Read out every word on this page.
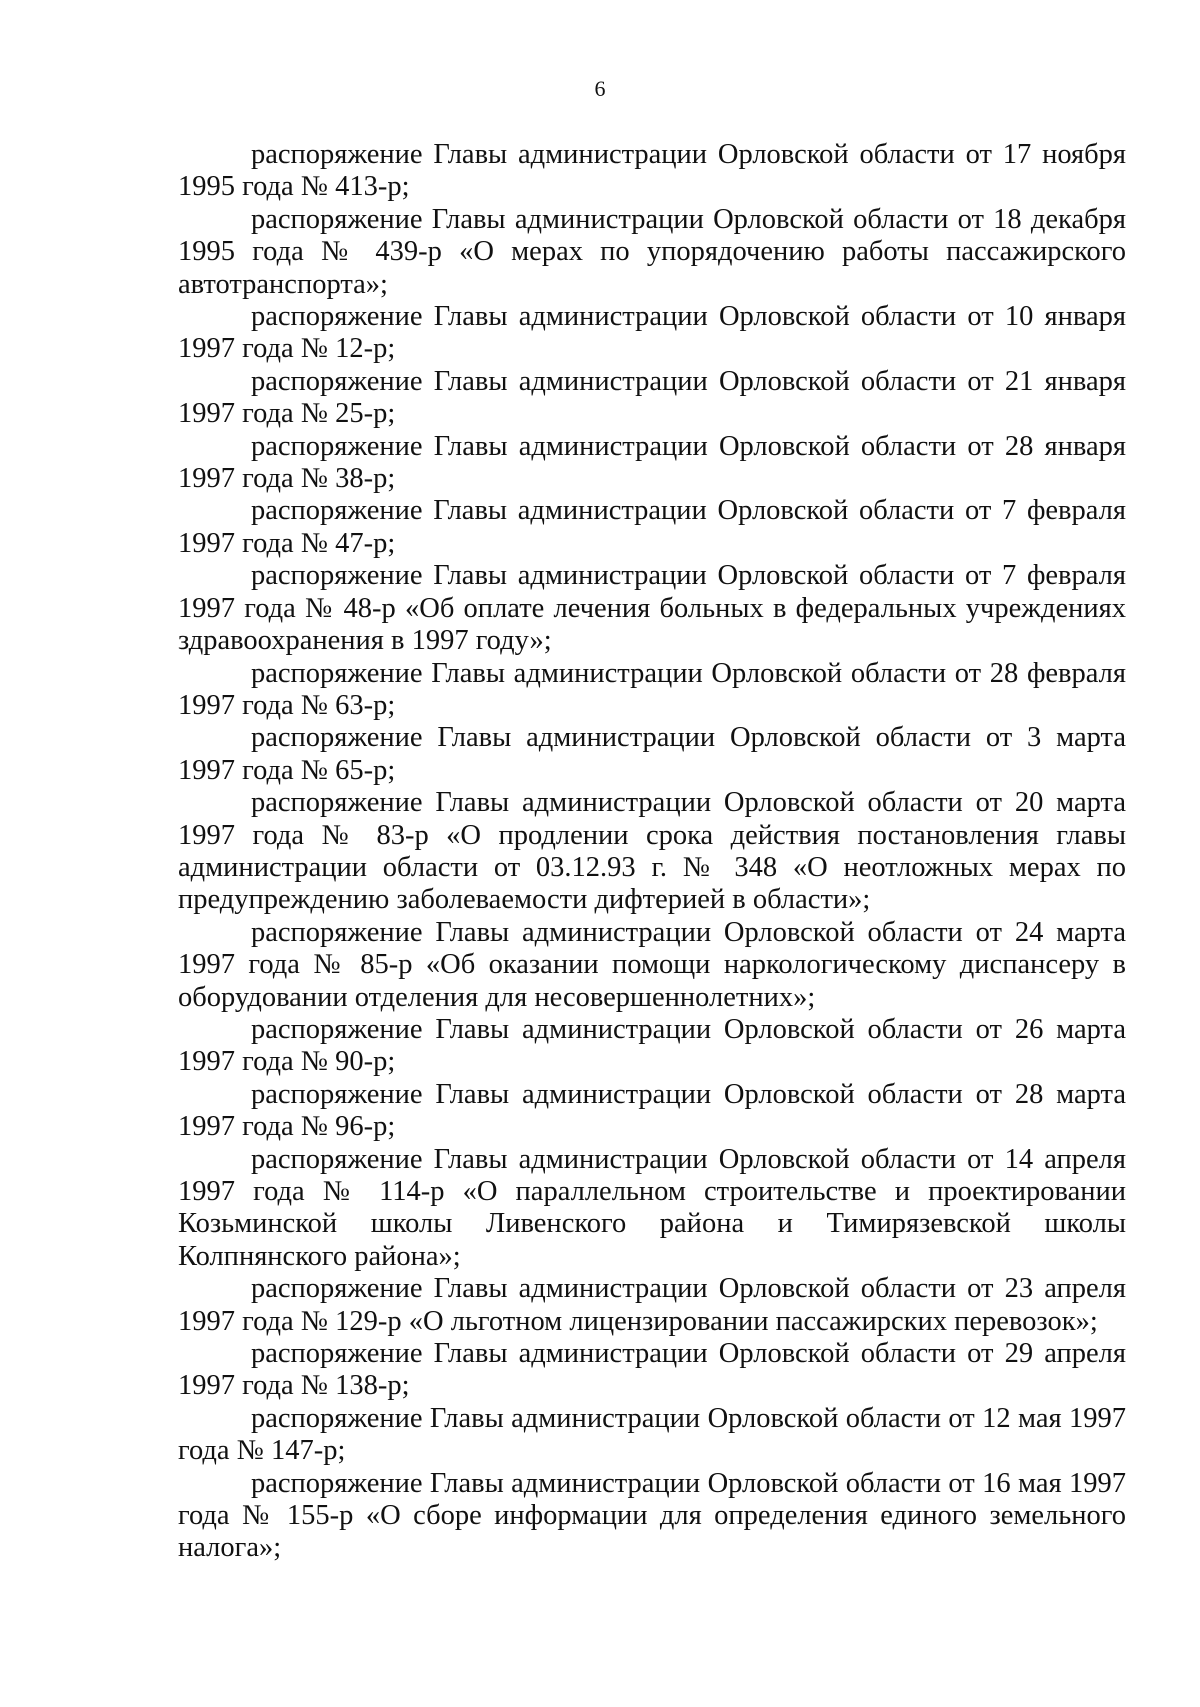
6

распоряжение Главы администрации Орловской области от 17 ноября 1995 года № 413-р;

распоряжение Главы администрации Орловской области от 18 декабря 1995 года № 439-р «О мерах по упорядочению работы пассажирского автотранспорта»;

распоряжение Главы администрации Орловской области от 10 января 1997 года № 12-р;

распоряжение Главы администрации Орловской области от 21 января 1997 года № 25-р;

распоряжение Главы администрации Орловской области от 28 января 1997 года № 38-р;

распоряжение Главы администрации Орловской области от 7 февраля 1997 года № 47-р;

распоряжение Главы администрации Орловской области от 7 февраля 1997 года № 48-р «Об оплате лечения больных в федеральных учреждениях здравоохранения в 1997 году»;

распоряжение Главы администрации Орловской области от 28 февраля 1997 года № 63-р;

распоряжение Главы администрации Орловской области от 3 марта 1997 года № 65-р;

распоряжение Главы администрации Орловской области от 20 марта 1997 года № 83-р «О продлении срока действия постановления главы администрации области от 03.12.93 г. № 348 «О неотложных мерах по предупреждению заболеваемости дифтерией в области»;

распоряжение Главы администрации Орловской области от 24 марта 1997 года № 85-р «Об оказании помощи наркологическому диспансеру в оборудовании отделения для несовершеннолетних»;

распоряжение Главы администрации Орловской области от 26 марта 1997 года № 90-р;

распоряжение Главы администрации Орловской области от 28 марта 1997 года № 96-р;

распоряжение Главы администрации Орловской области от 14 апреля 1997 года № 114-р «О параллельном строительстве и проектировании Козьминской школы Ливенского района и Тимирязевской школы Колпнянского района»;

распоряжение Главы администрации Орловской области от 23 апреля 1997 года № 129-р «О льготном лицензировании пассажирских перевозок»;

распоряжение Главы администрации Орловской области от 29 апреля 1997 года № 138-р;

распоряжение Главы администрации Орловской области от 12 мая 1997 года № 147-р;

распоряжение Главы администрации Орловской области от 16 мая 1997 года № 155-р «О сборе информации для определения единого земельного налога»;
